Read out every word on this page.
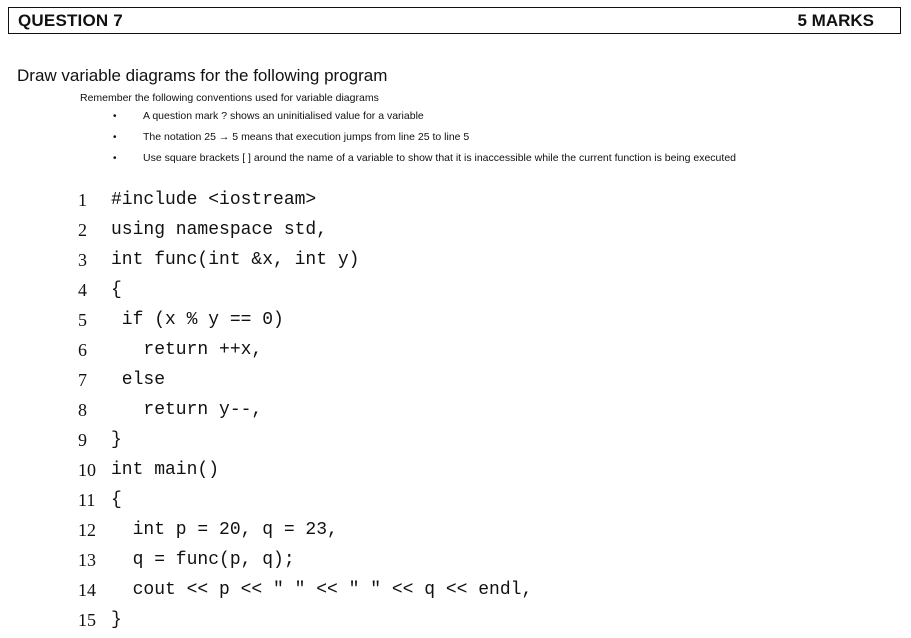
QUESTION 7	5 MARKS
Draw variable diagrams for the following program
Remember the following conventions used for variable diagrams
•	A question mark ? shows an uninitialised value for a variable
•	The notation 25 → 5 means that execution jumps from line 25 to line 5
•	Use square brackets [ ] around the name of a variable to show that it is inaccessible while the current function is being executed
1 #include <iostream>
2 using namespace std,
3 int func(int &x, int y)
4 {
5 if (x % y == 0)
6   return ++x,
7 else
8   return y--,
9 }
10 int main()
11 {
12  int p = 20, q = 23,
13  q = func(p, q);
14  cout << p << " " << " " << q << endl,
15 }
